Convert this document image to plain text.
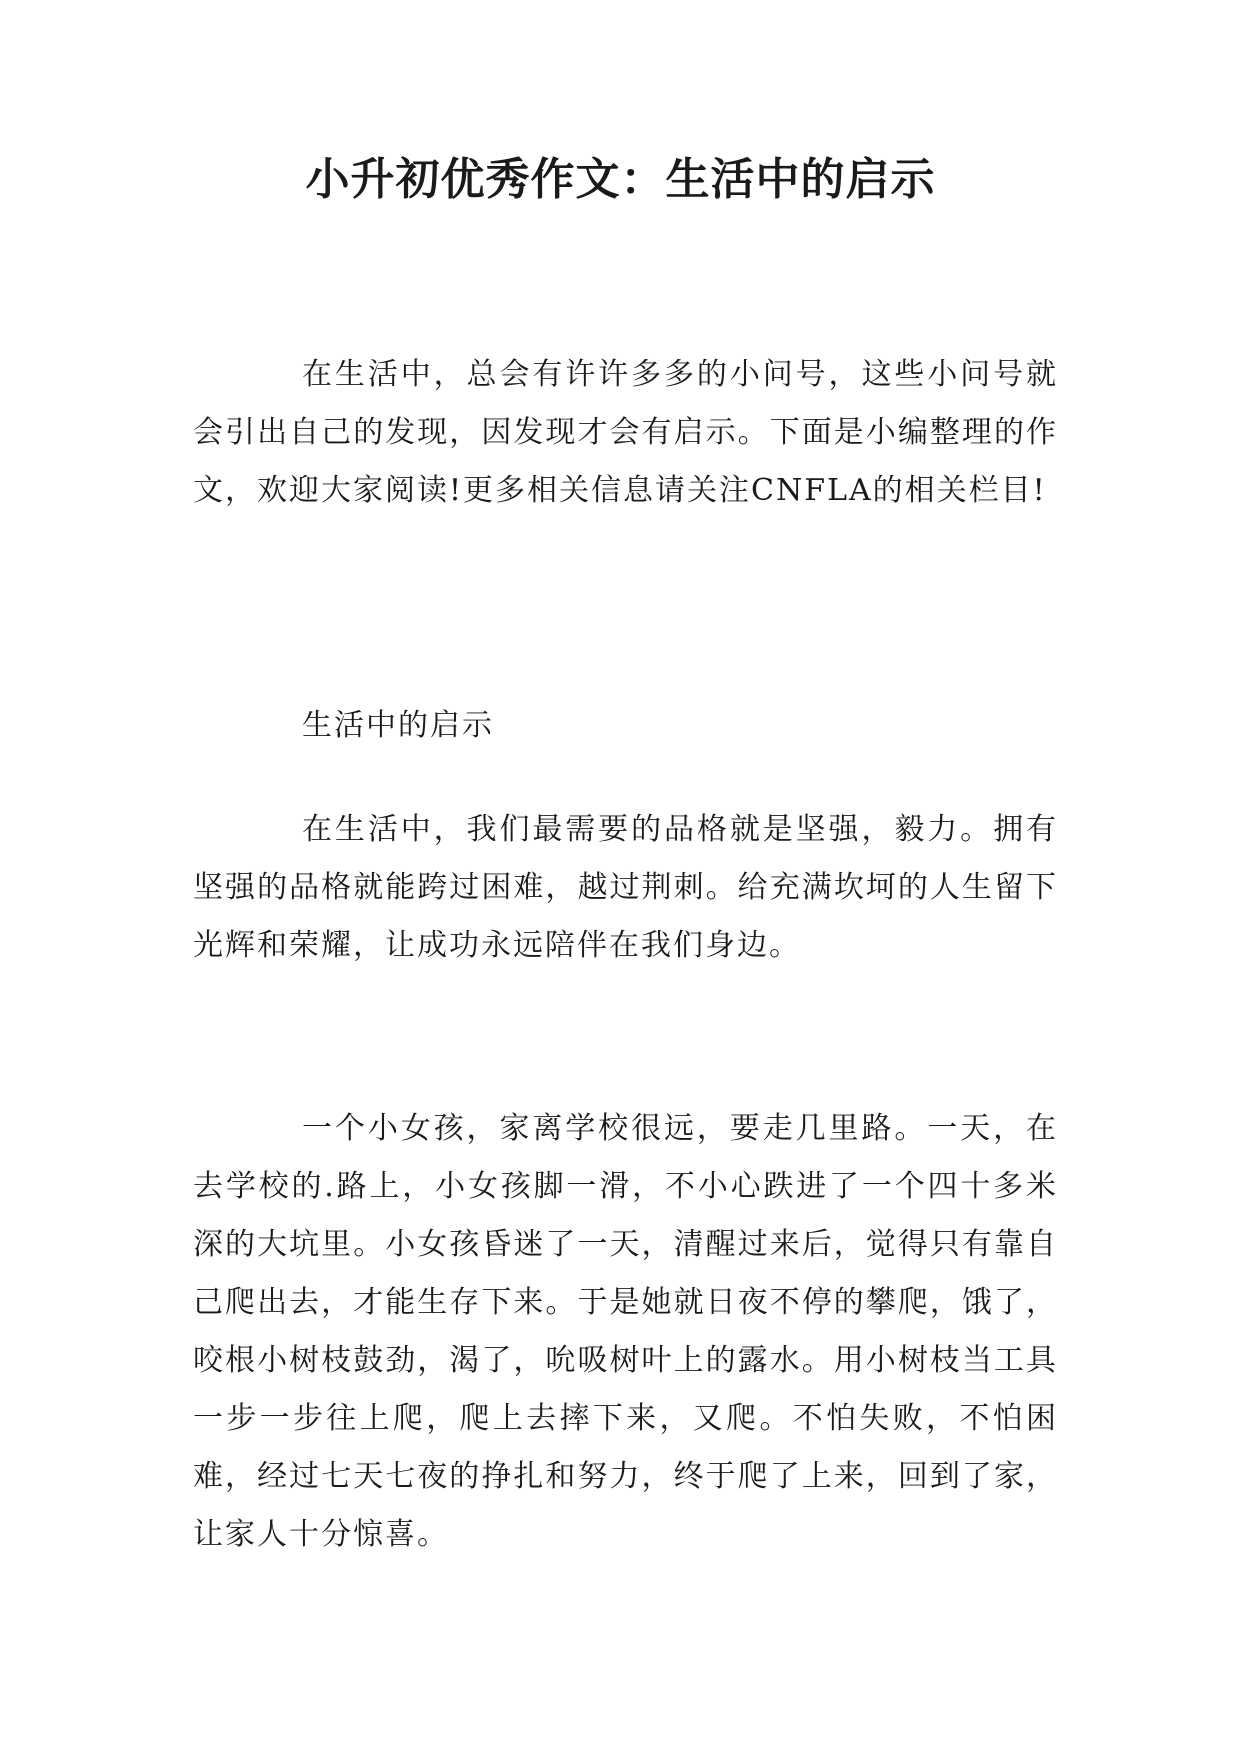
小升初优秀作文：生活中的启示

在生活中，总会有许许多多的小问号，这些小问号就会引出自己的发现，因发现才会有启示。下面是小编整理的作文，欢迎大家阅读!更多相关信息请关注CNFLA的相关栏目!

生活中的启示

在生活中，我们最需要的品格就是坚强，毅力。拥有坚强的品格就能跨过困难，越过荆刺。给充满坎坷的人生留下光辉和荣耀，让成功永远陪伴在我们身边。

一个小女孩，家离学校很远，要走几里路。一天，在去学校的.路上，小女孩脚一滑，不小心跌进了一个四十多米深的大坑里。小女孩昏迷了一天，清醒过来后，觉得只有靠自己爬出去，才能生存下来。于是她就日夜不停的攀爬，饿了，咬根小树枝鼓劲，渴了，吮吸树叶上的露水。用小树枝当工具一步一步往上爬，爬上去摔下来，又爬。不怕失败，不怕困难，经过七天七夜的挣扎和努力，终于爬了上来，回到了家，让家人十分惊喜。
